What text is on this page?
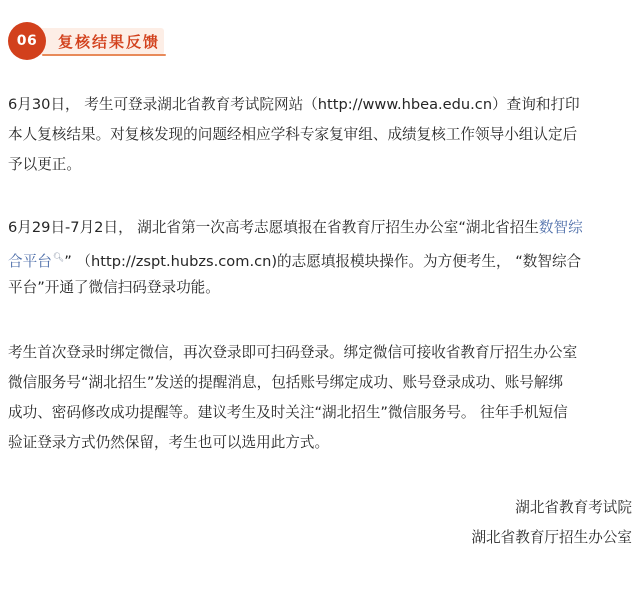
06	复核结果反馈

6月30日， 考生可登录湖北省教育考试院网站（http://www.hbea.edu.cn）查询和打印
本人复核结果。对复核发现的问题经相应学科专家复审组、成绩复核工作领导小组认定后
予以更正。

6月29日-7月2日， 湖北省第一次高考志愿填报在省教育厅招生办公室“湖北省招生数智综
合平台🔍︎” （http://zspt.hubzs.com.cn)的志愿填报模块操作。为方便考生， “数智综合
平台”开通了微信扫码登录功能。

考生首次登录时绑定微信，再次登录即可扫码登录。绑定微信可接收省教育厅招生办公室
微信服务号“湖北招生”发送的提醒消息，包括账号绑定成功、账号登录成功、账号解绑
成功、密码修改成功提醒等。建议考生及时关注“湖北招生”微信服务号。 往年手机短信
验证登录方式仍然保留，考生也可以选用此方式。

湖北省教育考试院
湖北省教育厅招生办公室
